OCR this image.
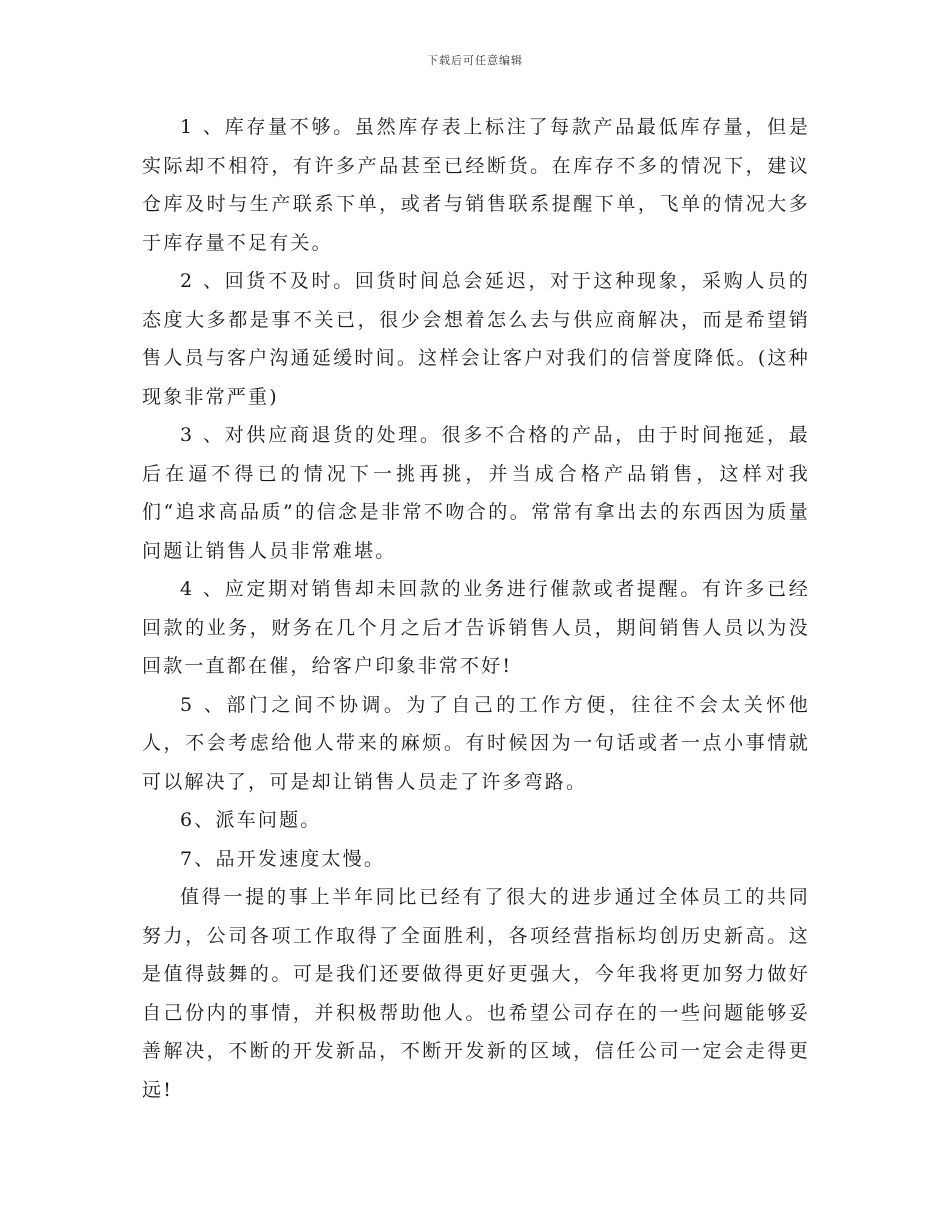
下载后可任意编辑

1 、库存量不够。虽然库存表上标注了每款产品最低库存量，但是实际却不相符，有许多产品甚至已经断货。在库存不多的情况下，建议仓库及时与生产联系下单，或者与销售联系提醒下单，飞单的情况大多于库存量不足有关。

2 、回货不及时。回货时间总会延迟，对于这种现象，采购人员的态度大多都是事不关已，很少会想着怎么去与供应商解决，而是希望销售人员与客户沟通延缓时间。这样会让客户对我们的信誉度降低。(这种现象非常严重)

3 、对供应商退货的处理。很多不合格的产品，由于时间拖延，最后在逼不得已的情况下一挑再挑，并当成合格产品销售，这样对我们“追求高品质”的信念是非常不吻合的。常常有拿出去的东西因为质量问题让销售人员非常难堪。

4 、应定期对销售却未回款的业务进行催款或者提醒。有许多已经回款的业务，财务在几个月之后才告诉销售人员，期间销售人员以为没回款一直都在催，给客户印象非常不好!

5 、部门之间不协调。为了自己的工作方便，往往不会太关怀他人，不会考虑给他人带来的麻烦。有时候因为一句话或者一点小事情就可以解决了，可是却让销售人员走了许多弯路。

6、派车问题。

7、品开发速度太慢。

值得一提的事上半年同比已经有了很大的进步通过全体员工的共同努力，公司各项工作取得了全面胜利，各项经营指标均创历史新高。这是值得鼓舞的。可是我们还要做得更好更强大，今年我将更加努力做好自己份内的事情，并积极帮助他人。也希望公司存在的一些问题能够妥善解决，不断的开发新品，不断开发新的区域，信任公司一定会走得更远!
